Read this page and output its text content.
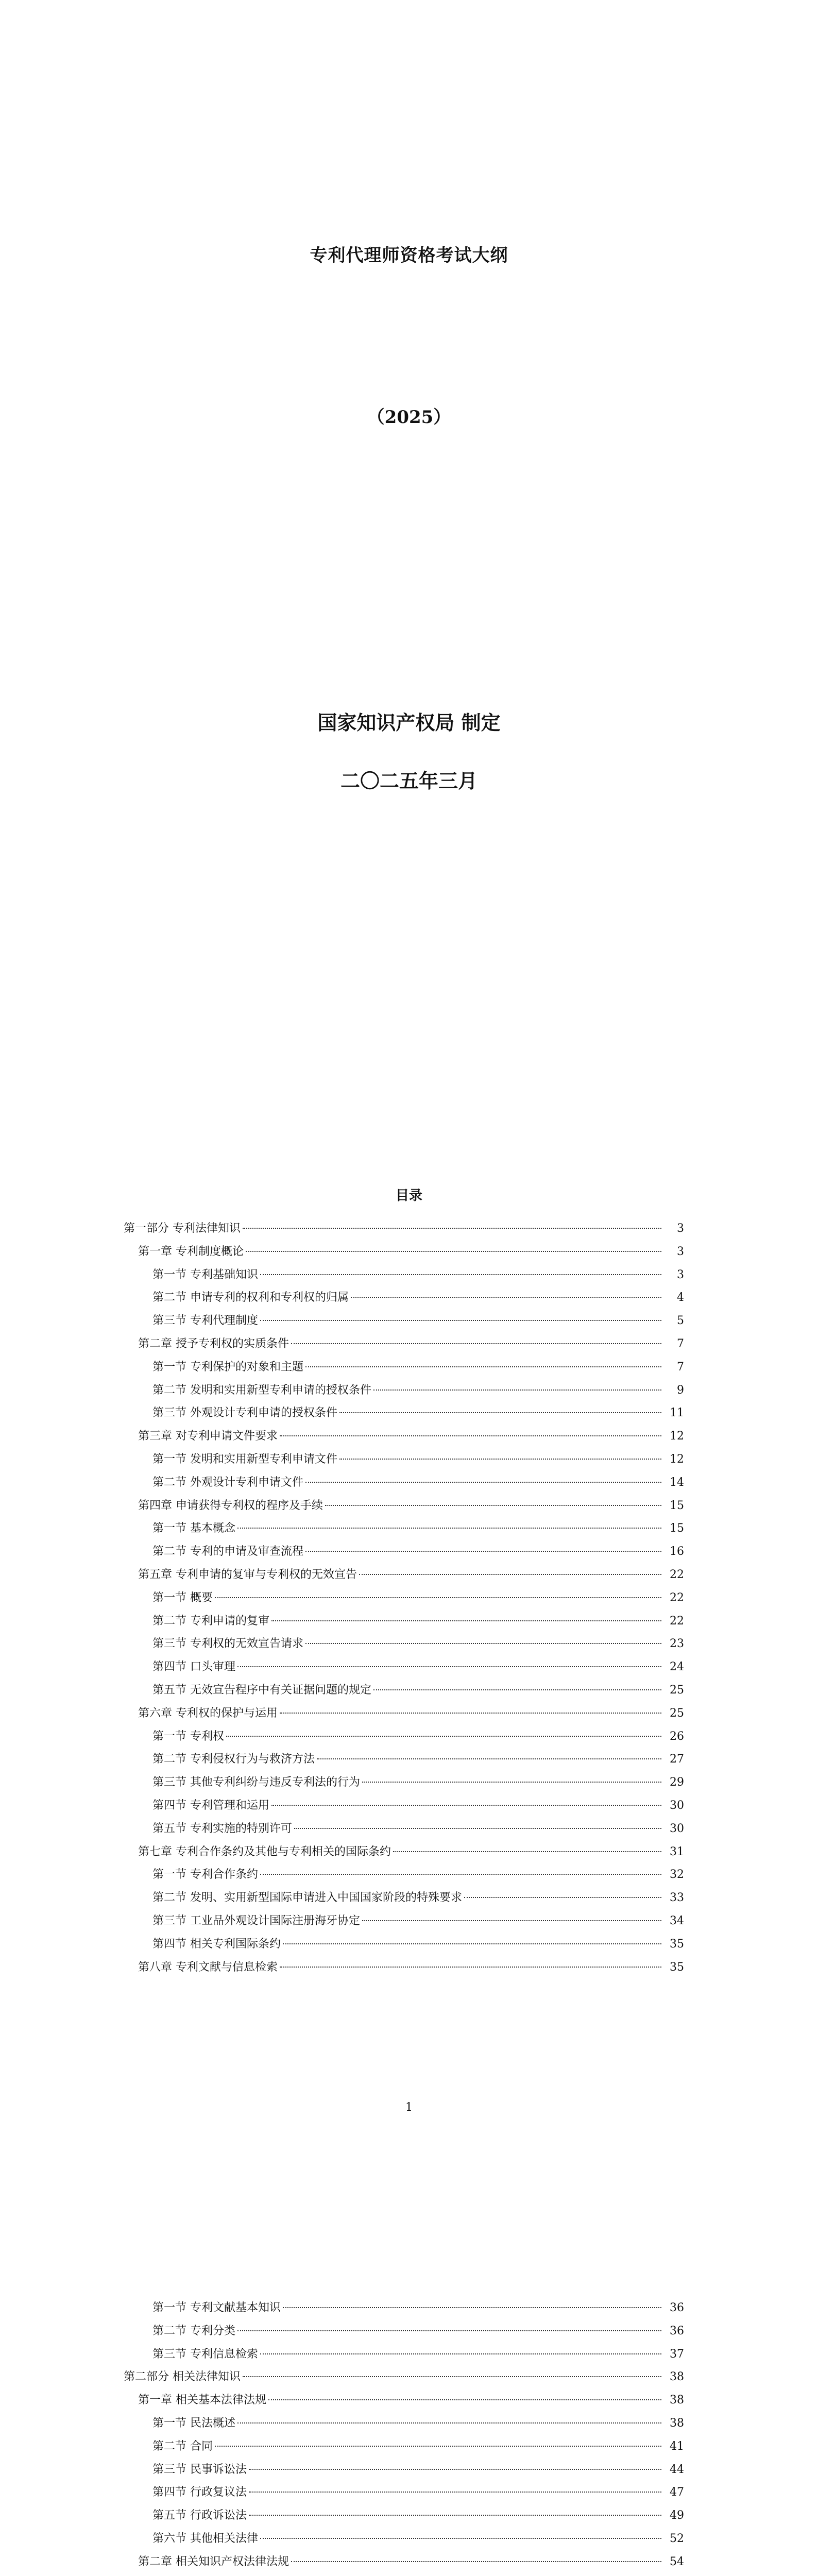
专利代理师资格考试大纲
（2025）
国家知识产权局 制定
二〇二五年三月
目录
第一部分 专利法律知识	3
第一章 专利制度概论	3
第一节 专利基础知识	3
第二节 申请专利的权利和专利权的归属	4
第三节 专利代理制度	5
第二章 授予专利权的实质条件	7
第一节 专利保护的对象和主题	7
第二节 发明和实用新型专利申请的授权条件	9
第三节 外观设计专利申请的授权条件	11
第三章 对专利申请文件要求	12
第一节 发明和实用新型专利申请文件	12
第二节 外观设计专利申请文件	14
第四章 申请获得专利权的程序及手续	15
第一节 基本概念	15
第二节 专利的申请及审查流程	16
第五章 专利申请的复审与专利权的无效宣告	22
第一节 概要	22
第二节 专利申请的复审	22
第三节 专利权的无效宣告请求	23
第四节 口头审理	24
第五节 无效宣告程序中有关证据问题的规定	25
第六章 专利权的保护与运用	25
第一节 专利权	26
第二节 专利侵权行为与救济方法	27
第三节 其他专利纠纷与违反专利法的行为	29
第四节 专利管理和运用	30
第五节 专利实施的特别许可	30
第七章 专利合作条约及其他与专利相关的国际条约	31
第一节 专利合作条约	32
第二节 发明、实用新型国际申请进入中国国家阶段的特殊要求	33
第三节 工业品外观设计国际注册海牙协定	34
第四节 相关专利国际条约	35
第八章 专利文献与信息检索	35
1
第一节 专利文献基本知识	36
第二节 专利分类	36
第三节 专利信息检索	37
第二部分 相关法律知识	38
第一章 相关基本法律法规	38
第一节 民法概述	38
第二节 合同	41
第三节 民事诉讼法	44
第四节 行政复议法	47
第五节 行政诉讼法	49
第六节 其他相关法律	52
第二章 相关知识产权法律法规	54
